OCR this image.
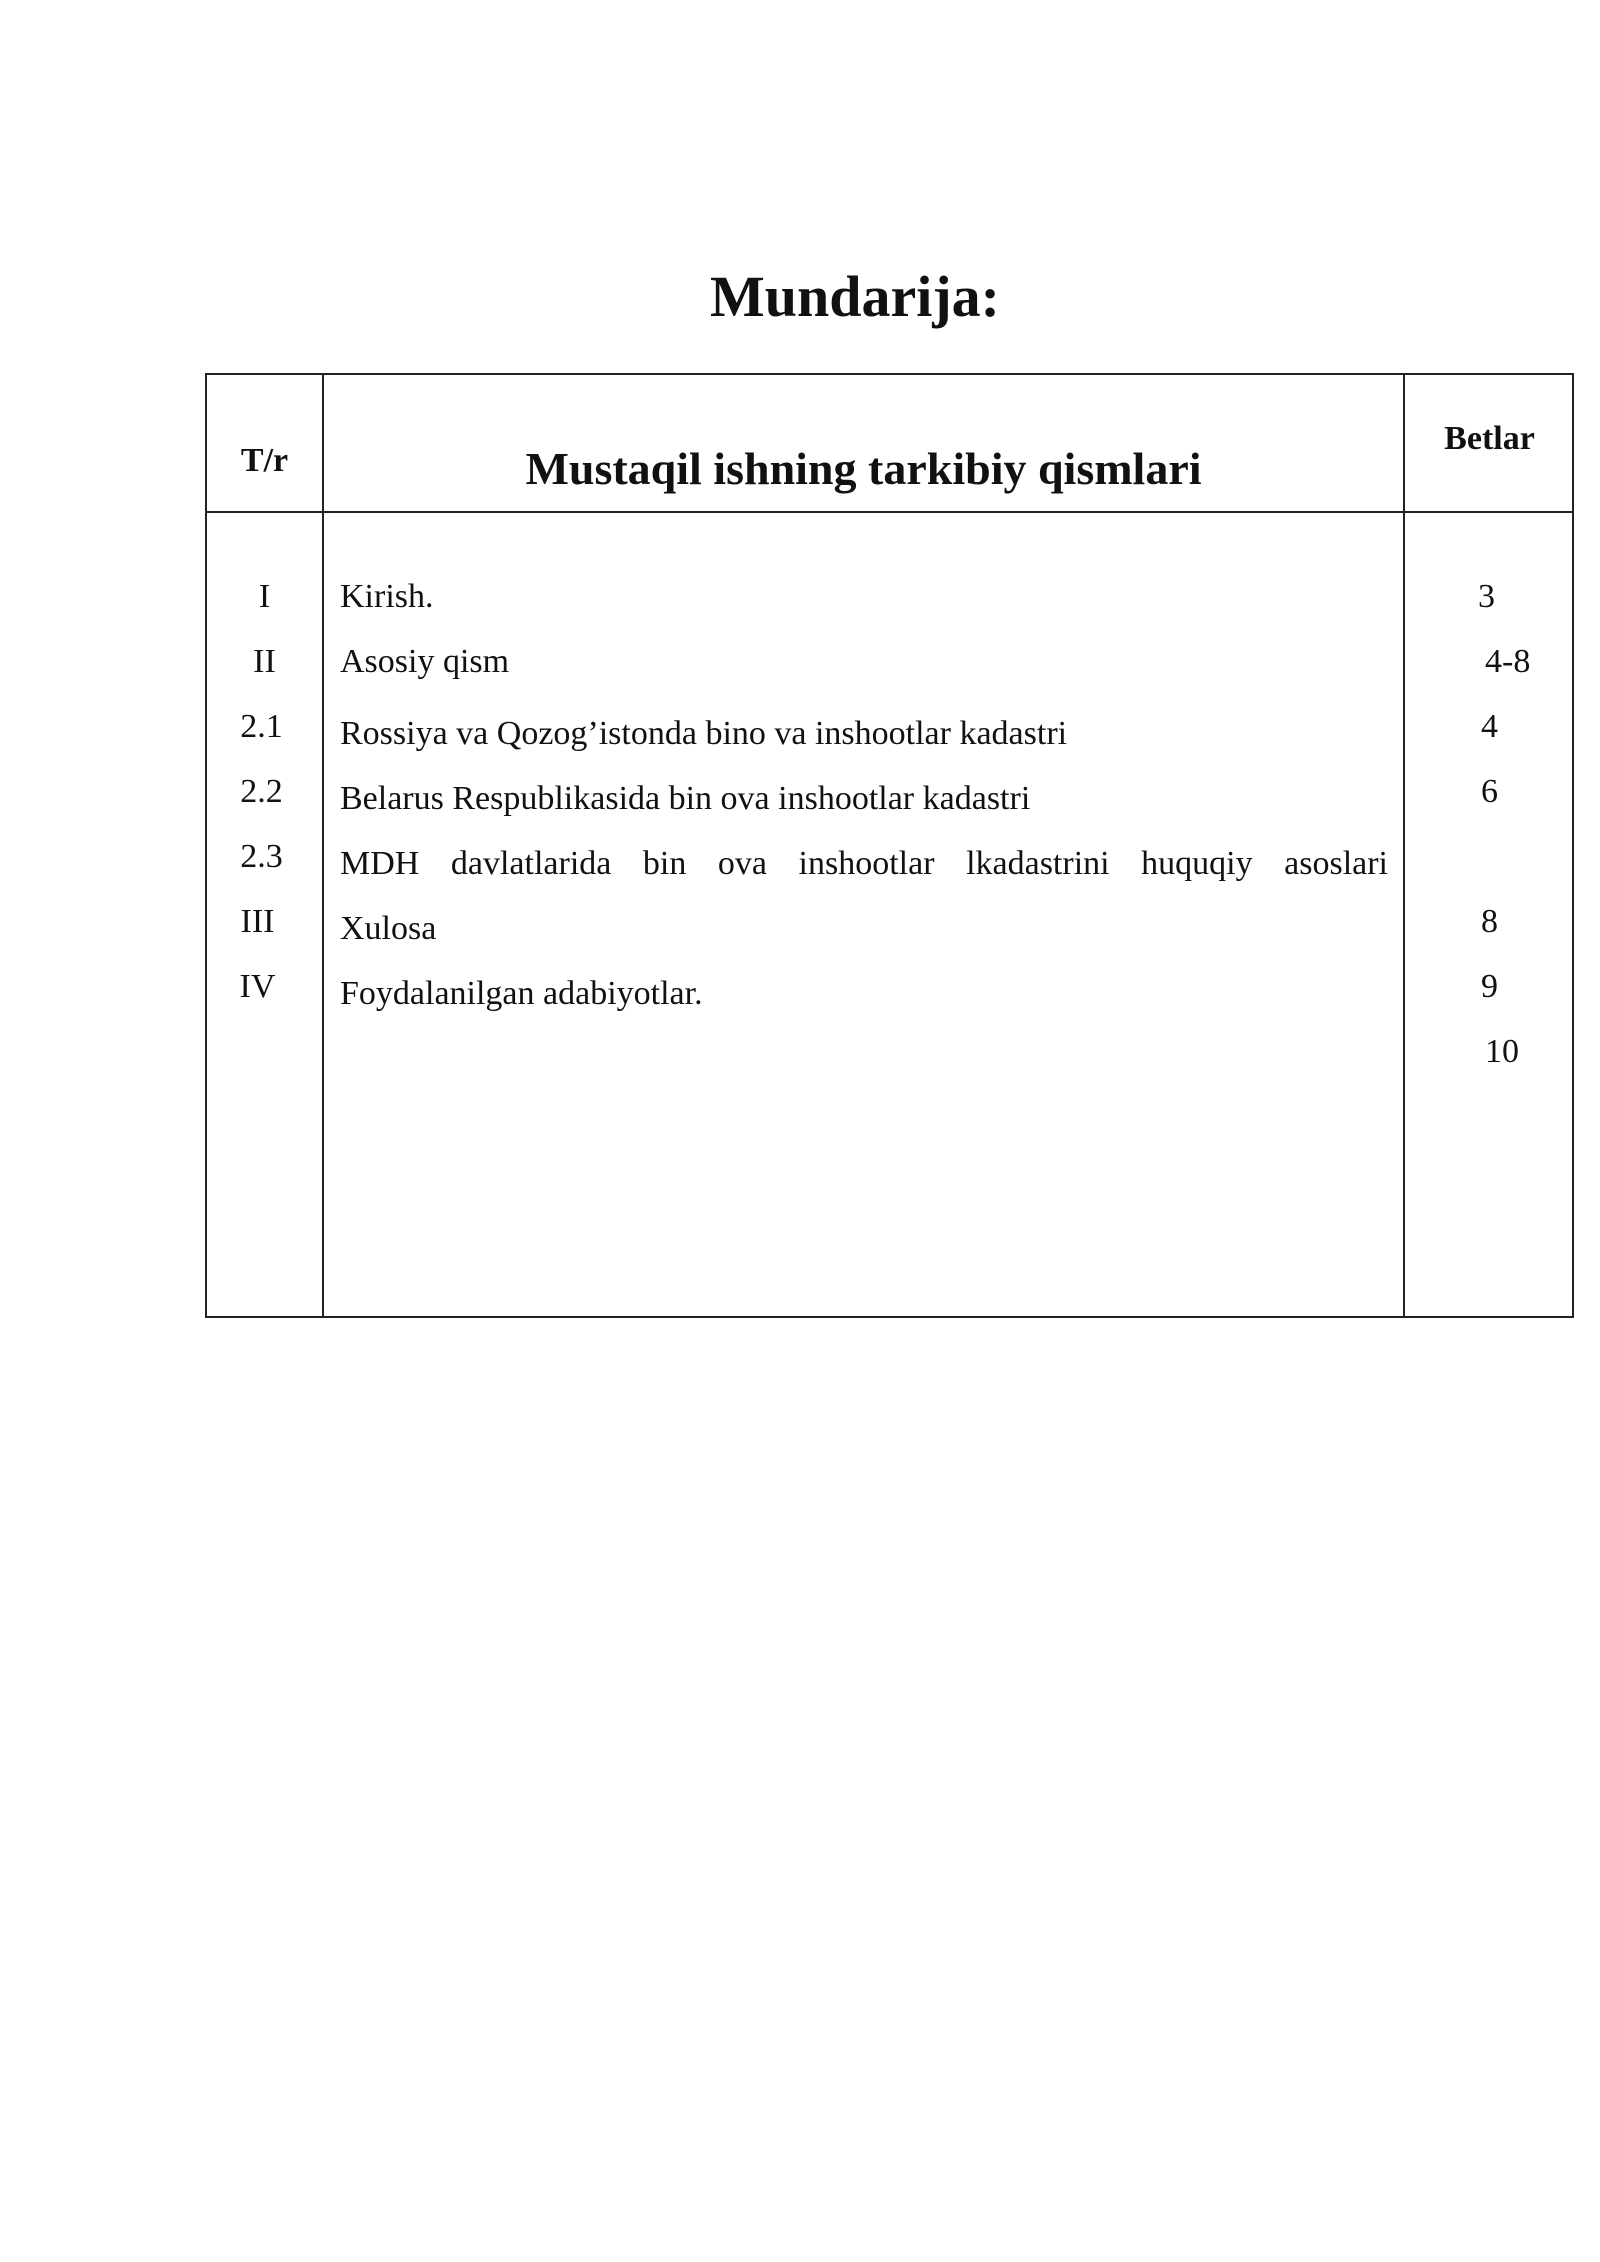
Mundarija:
T/r	Mustaqil ishning tarkibiy qismlari
Betlar
I
II
2.1
2.2
2.3
III
IV
Kirish.
Asosiy qism
Rossiya va Qozog’istonda bino va inshootlar kadastri
Belarus Respublikasida bin ova inshootlar kadastri
MDH davlatlarida bin ova inshootlar lkadastrini huquqiy asoslari
Xulosa
Foydalanilgan adabiyotlar.
3
4-8
4
6
8
9
10
